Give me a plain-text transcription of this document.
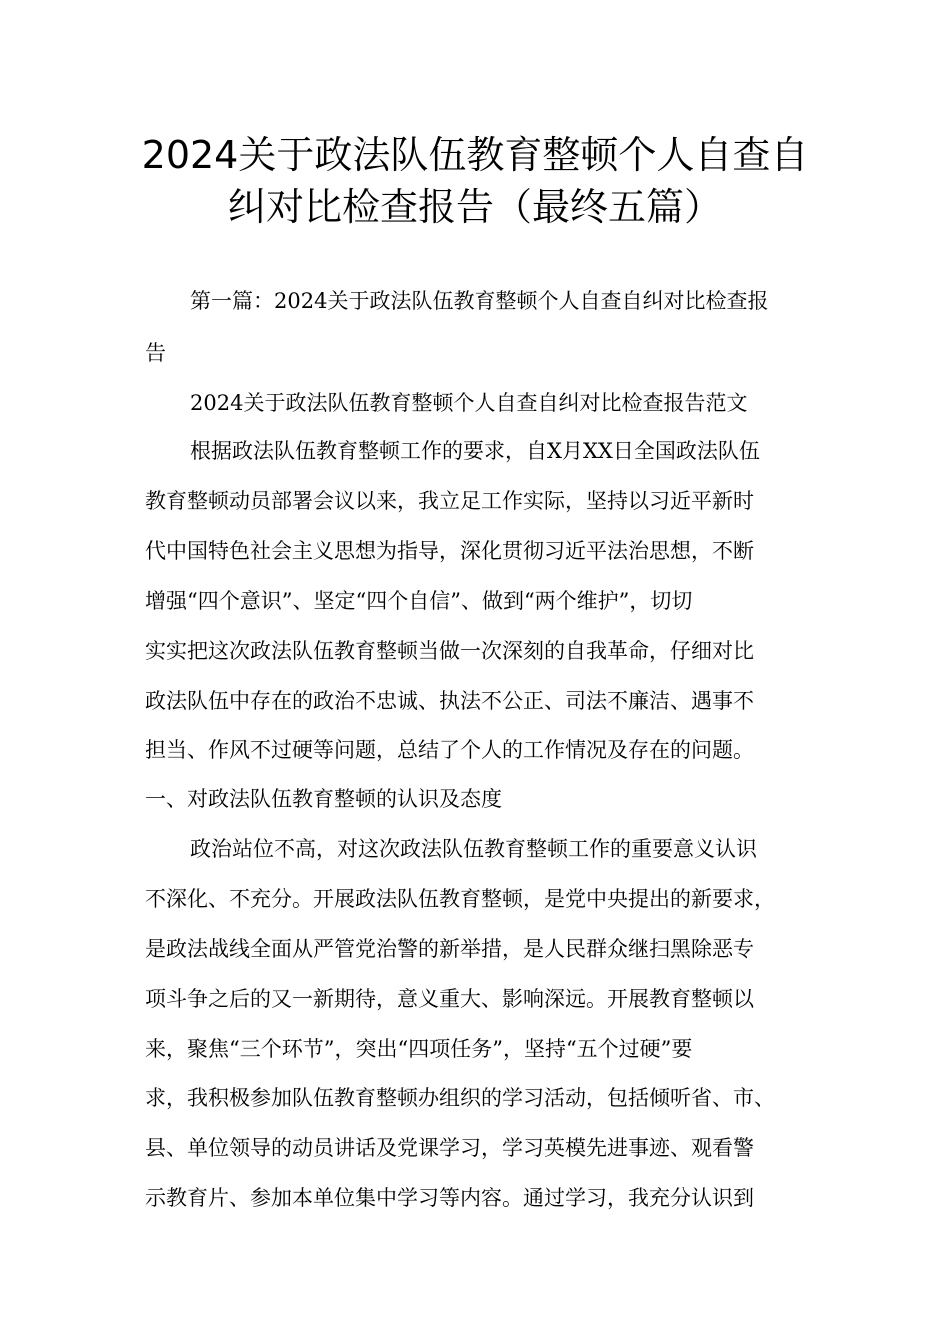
2024关于政法队伍教育整顿个人自查自
纠对比检查报告（最终五篇）
第一篇：2024关于政法队伍教育整顿个人自查自纠对比检查报
告
2024关于政法队伍教育整顿个人自查自纠对比检查报告范文
根据政法队伍教育整顿工作的要求，自X月XX日全国政法队伍
教育整顿动员部署会议以来，我立足工作实际，坚持以习近平新时
代中国特色社会主义思想为指导，深化贯彻习近平法治思想，不断
增强“四个意识”、坚定“四个自信”、做到“两个维护”，切切
实实把这次政法队伍教育整顿当做一次深刻的自我革命，仔细对比
政法队伍中存在的政治不忠诚、执法不公正、司法不廉洁、遇事不
担当、作风不过硬等问题，总结了个人的工作情况及存在的问题。
一、对政法队伍教育整顿的认识及态度
政治站位不高，对这次政法队伍教育整顿工作的重要意义认识
不深化、不充分。开展政法队伍教育整顿，是党中央提出的新要求，
是政法战线全面从严管党治警的新举措，是人民群众继扫黑除恶专
项斗争之后的又一新期待，意义重大、影响深远。开展教育整顿以
来，聚焦“三个环节”，突出“四项任务”，坚持“五个过硬”要
求，我积极参加队伍教育整顿办组织的学习活动，包括倾听省、市、
县、单位领导的动员讲话及党课学习，学习英模先进事迹、观看警
示教育片、参加本单位集中学习等内容。通过学习，我充分认识到
